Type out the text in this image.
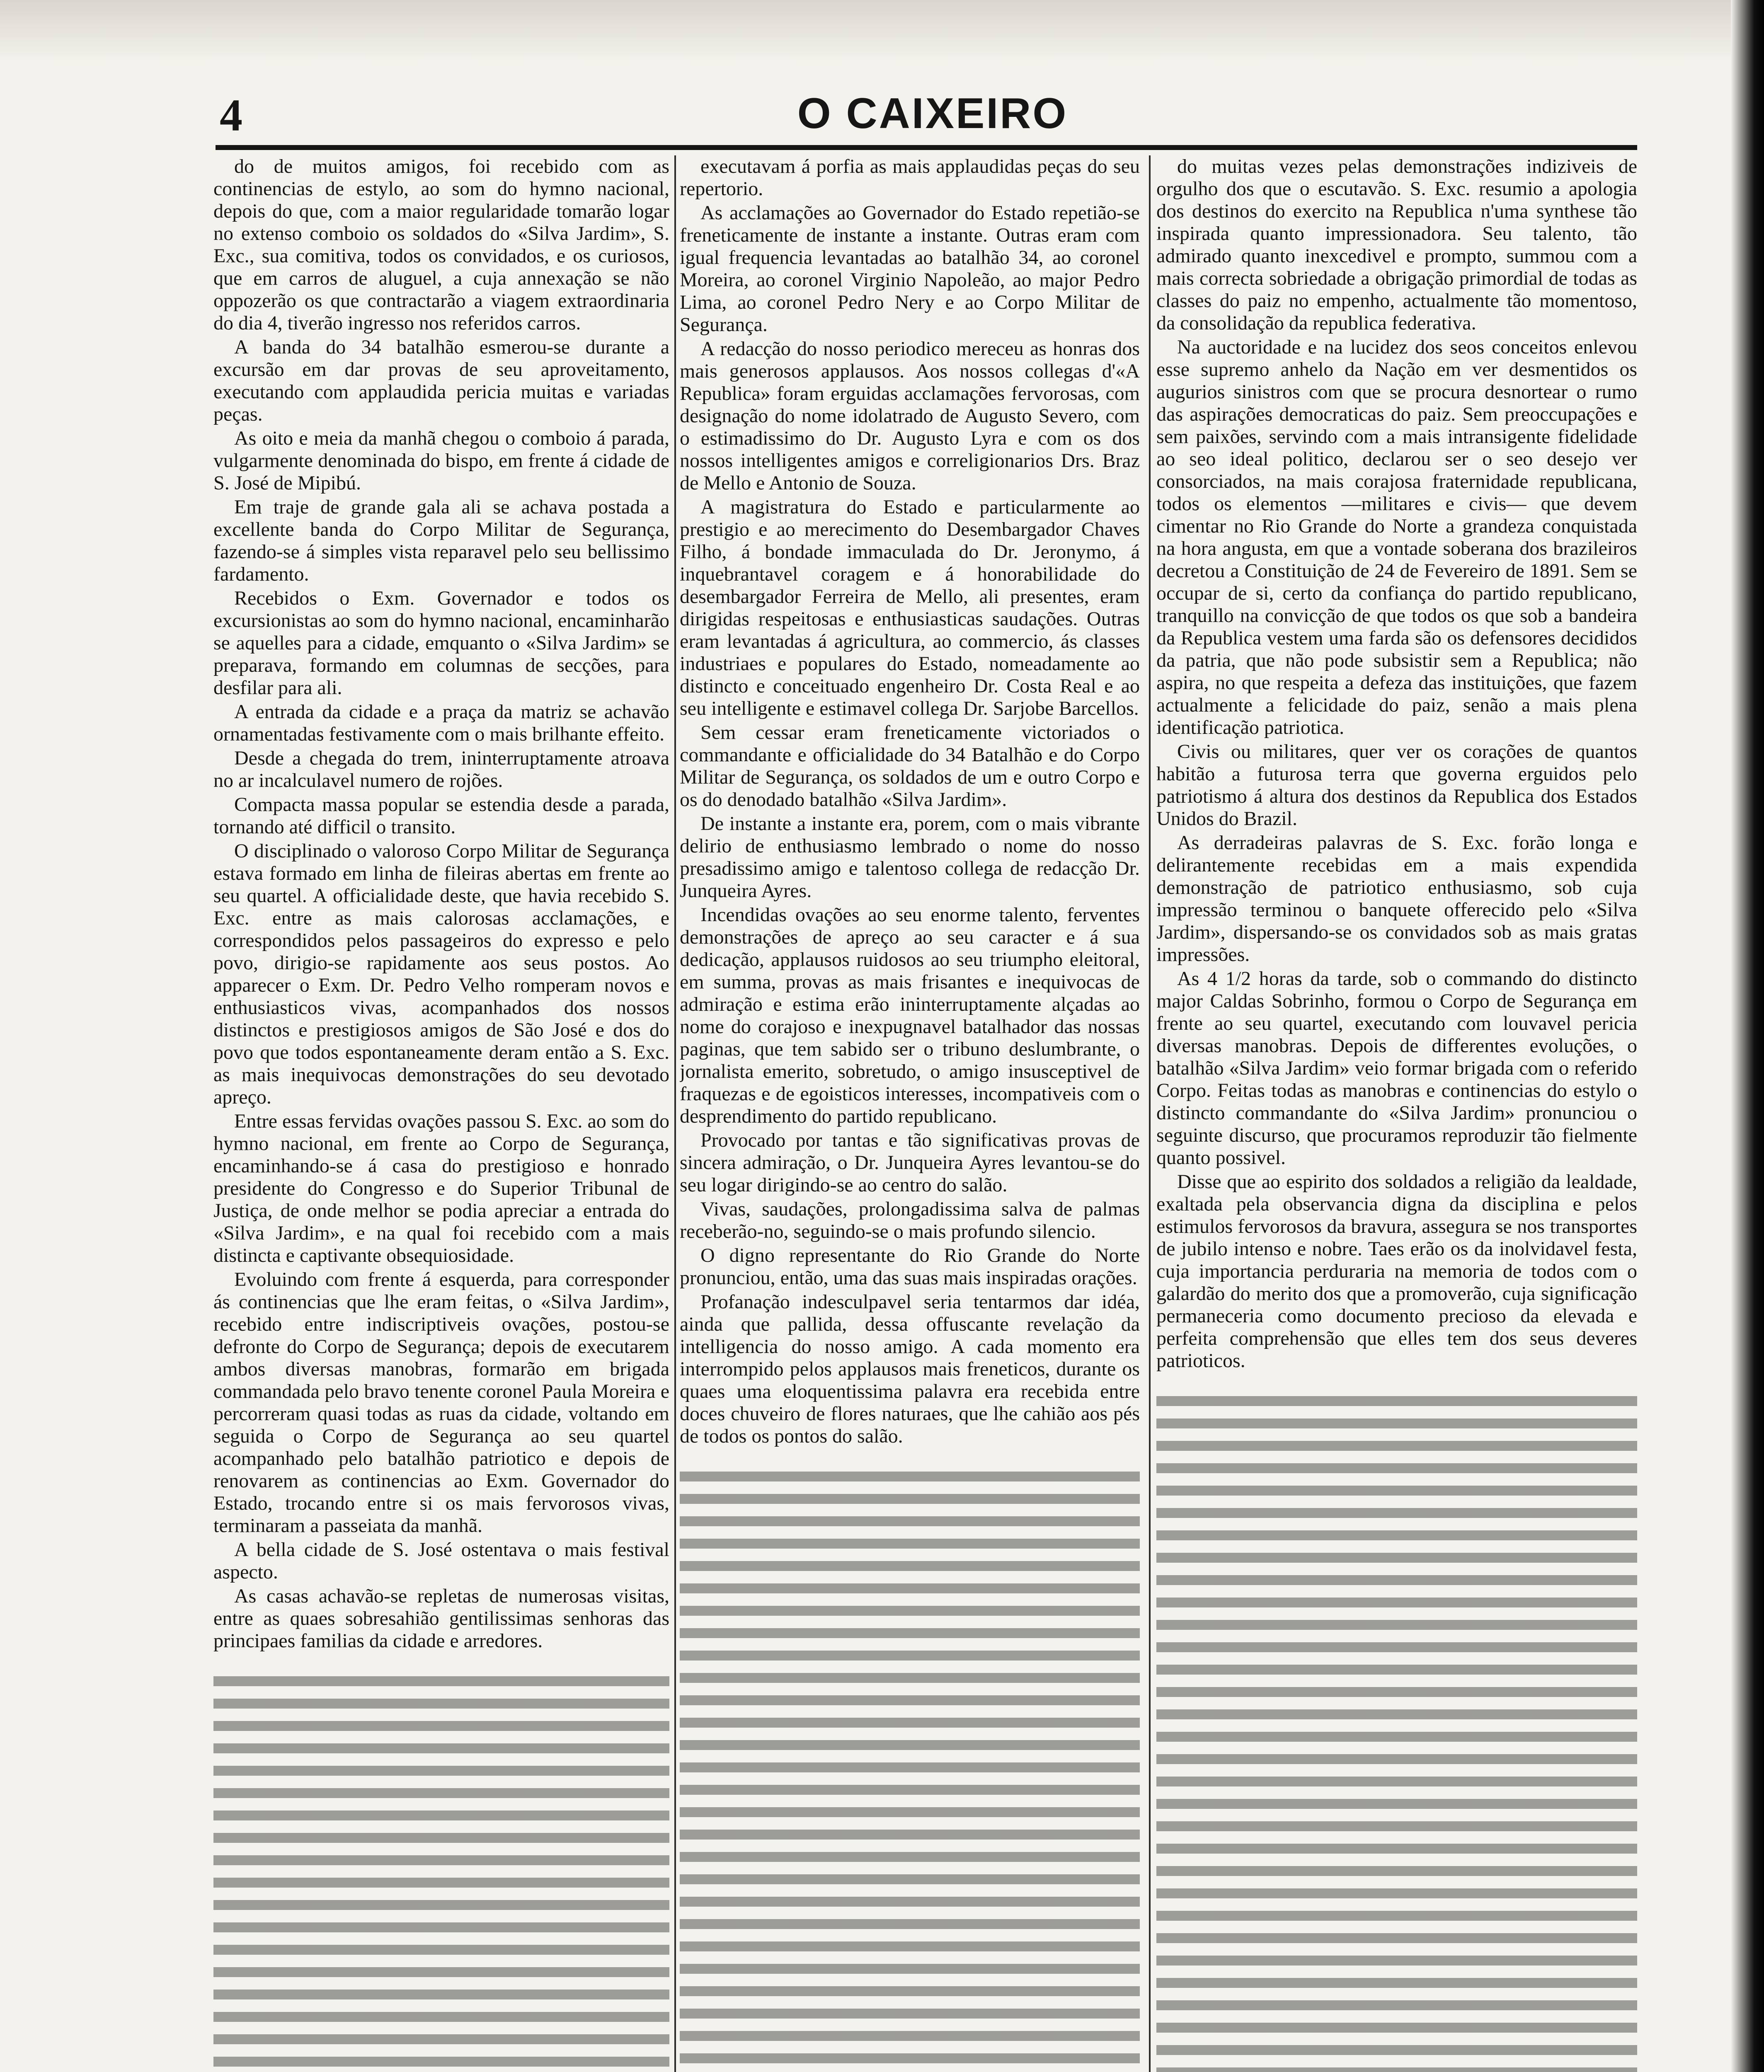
4	O CAIXEIRO

do de muitos amigos, foi recebido com as continencias de estylo, ao som do hymno nacional, depois do que, com a maior regularidade tomarão logar no extenso comboio os soldados do «Silva Jardim», S. Exc., sua comitiva, todos os convidados, e os curiosos, que em carros de aluguel, a cuja annexação se não oppozerão os que contractarão a viagem extraordinaria do dia 4, tiverão ingresso nos referidos carros.

A banda do 34 batalhão esmerou-se durante a excursão em dar provas de seu aproveitamento, executando com applaudida pericia muitas e variadas peças.

As oito e meia da manhã chegou o comboio á parada, vulgarmente denominada do bispo, em frente á cidade de S. José de Mipibú.

Em traje de grande gala ali se achava postada a excellente banda do Corpo Militar de Segurança, fazendo-se á simples vista reparavel pelo seu bellissimo fardamento.

Recebidos o Exm. Governador e todos os excursionistas ao som do hymno nacional, encaminharão se aquelles para a cidade, emquanto o «Silva Jardim» se preparava, formando em columnas de secções, para desfilar para ali.

A entrada da cidade e a praça da matriz se achavão ornamentadas festivamente com o mais brilhante effeito.

Desde a chegada do trem, ininterruptamente atroava no ar incalculavel numero de rojões.

Compacta massa popular se estendia desde a parada, tornando até difficil o transito.

O disciplinado o valoroso Corpo Militar de Segurança estava formado em linha de fileiras abertas em frente ao seu quartel. A officialidade deste, que havia recebido S. Exc. entre as mais calorosas acclamações, e correspondidos pelos passageiros do expresso e pelo povo, dirigio-se rapidamente aos seus postos. Ao apparecer o Exm. Dr. Pedro Velho romperam novos e enthusiasticos vivas, acompanhados dos nossos distinctos e prestigiosos amigos de São José e dos do povo que todos espontaneamente deram então a S. Exc. as mais inequivocas demonstrações do seu devotado apreço.

Entre essas fervidas ovações passou S. Exc. ao som do hymno nacional, em frente ao Corpo de Segurança, encaminhando-se á casa do prestigioso e honrado presidente do Congresso e do Superior Tribunal de Justiça, de onde melhor se podia apreciar a entrada do «Silva Jardim», e na qual foi recebido com a mais distincta e captivante obsequiosidade.

Evoluindo com frente á esquerda, para corresponder ás continencias que lhe eram feitas, o «Silva Jardim», recebido entre indiscriptiveis ovações, postou-se defronte do Corpo de Segurança; depois de executarem ambos diversas manobras, formarão em brigada commandada pelo bravo tenente coronel Paula Moreira e percorreram quasi todas as ruas da cidade, voltando em seguida o Corpo de Segurança ao seu quartel acompanhado pelo batalhão patriotico e depois de renovarem as continencias ao Exm. Governador do Estado, trocando entre si os mais fervorosos vivas, terminaram a passeiata da manhã.

A bella cidade de S. José ostentava o mais festival aspecto.

As casas achavão-se repletas de numerosas visitas, entre as quaes sobresahião gentilissimas senhoras das principaes familias da cidade e arredores.

executavam á porfia as mais applaudidas peças do seu repertorio.

As acclamações ao Governador do Estado repetião-se freneticamente de instante a instante. Outras eram com igual frequencia levantadas ao batalhão 34, ao coronel Moreira, ao coronel Virginio Napoleão, ao major Pedro Lima, ao coronel Pedro Nery e ao Corpo Militar de Segurança.

A redacção do nosso periodico mereceu as honras dos mais generosos applausos. Aos nossos collegas d'«A Republica» foram erguidas acclamações fervorosas, com designação do nome idolatrado de Augusto Severo, com o estimadissimo do Dr. Augusto Lyra e com os dos nossos intelligentes amigos e correligionarios Drs. Braz de Mello e Antonio de Souza.

A magistratura do Estado e particularmente ao prestigio e ao merecimento do Desembargador Chaves Filho, á bondade immaculada do Dr. Jeronymo, á inquebrantavel coragem e á honorabilidade do desembargador Ferreira de Mello, ali presentes, eram dirigidas respeitosas e enthusiasticas saudações. Outras eram levantadas á agricultura, ao commercio, ás classes industriaes e populares do Estado, nomeadamente ao distincto e conceituado engenheiro Dr. Costa Real e ao seu intelligente e estimavel collega Dr. Sarjobe Barcellos.

Sem cessar eram freneticamente victoriados o commandante e officialidade do 34 Batalhão e do Corpo Militar de Segurança, os soldados de um e outro Corpo e os do denodado batalhão «Silva Jardim».

De instante a instante era, porem, com o mais vibrante delirio de enthusiasmo lembrado o nome do nosso presadissimo amigo e talentoso collega de redacção Dr. Junqueira Ayres.

Incendidas ovações ao seu enorme talento, ferventes demonstrações de apreço ao seu caracter e á sua dedicação, applausos ruidosos ao seu triumpho eleitoral, em summa, provas as mais frisantes e inequivocas de admiração e estima erão ininterruptamente alçadas ao nome do corajoso e inexpugnavel batalhador das nossas paginas, que tem sabido ser o tribuno deslumbrante, o jornalista emerito, sobretudo, o amigo insusceptivel de fraquezas e de egoisticos interesses, incompativeis com o desprendimento do partido republicano.

Provocado por tantas e tão significativas provas de sincera admiração, o Dr. Junqueira Ayres levantou-se do seu logar dirigindo-se ao centro do salão.

Vivas, saudações, prolongadissima salva de palmas receberão-no, seguindo-se o mais profundo silencio.

O digno representante do Rio Grande do Norte pronunciou, então, uma das suas mais inspiradas orações.

Profanação indesculpavel seria tentarmos dar idéa, ainda que pallida, dessa offuscante revelação da intelligencia do nosso amigo. A cada momento era interrompido pelos applausos mais freneticos, durante os quaes uma eloquentissima palavra era recebida entre doces chuveiro de flores naturaes, que lhe cahião aos pés de todos os pontos do salão.

do muitas vezes pelas demonstrações indiziveis de orgulho dos que o escutavão. S. Exc. resumio a apologia dos destinos do exercito na Republica n'uma synthese tão inspirada quanto impressionadora. Seu talento, tão admirado quanto inexcedivel e prompto, summou com a mais correcta sobriedade a obrigação primordial de todas as classes do paiz no empenho, actualmente tão momentoso, da consolidação da republica federativa.

Na auctoridade e na lucidez dos seos conceitos enlevou esse supremo anhelo da Nação em ver desmentidos os augurios sinistros com que se procura desnortear o rumo das aspirações democraticas do paiz. Sem preoccupações e sem paixões, servindo com a mais intransigente fidelidade ao seo ideal politico, declarou ser o seo desejo ver consorciados, na mais corajosa fraternidade republicana, todos os elementos —militares e civis— que devem cimentar no Rio Grande do Norte a grandeza conquistada na hora angusta, em que a vontade soberana dos brazileiros decretou a Constituição de 24 de Fevereiro de 1891. Sem se occupar de si, certo da confiança do partido republicano, tranquillo na convicção de que todos os que sob a bandeira da Republica vestem uma farda são os defensores decididos da patria, que não pode subsistir sem a Republica; não aspira, no que respeita a defeza das instituições, que fazem actualmente a felicidade do paiz, senão a mais plena identificação patriotica.

Civis ou militares, quer ver os corações de quantos habitão a futurosa terra que governa erguidos pelo patriotismo á altura dos destinos da Republica dos Estados Unidos do Brazil.

As derradeiras palavras de S. Exc. forão longa e delirantemente recebidas em a mais expendida demonstração de patriotico enthusiasmo, sob cuja impressão terminou o banquete offerecido pelo «Silva Jardim», dispersando-se os convidados sob as mais gratas impressões.

As 4 1/2 horas da tarde, sob o commando do distincto major Caldas Sobrinho, formou o Corpo de Segurança em frente ao seu quartel, executando com louvavel pericia diversas manobras. Depois de differentes evoluções, o batalhão «Silva Jardim» veio formar brigada com o referido Corpo. Feitas todas as manobras e continencias do estylo o distincto commandante do «Silva Jardim» pronunciou o seguinte discurso, que procuramos reproduzir tão fielmente quanto possivel.

Disse que ao espirito dos soldados a religião da lealdade, exaltada pela observancia digna da disciplina e pelos estimulos fervorosos da bravura, assegura se nos transportes de jubilo intenso e nobre. Taes erão os da inolvidavel festa, cuja importancia perduraria na memoria de todos com o galardão do merito dos que a promoverão, cuja significação permaneceria como documento precioso da elevada e perfeita comprehensão que elles tem dos seus deveres patrioticos.
